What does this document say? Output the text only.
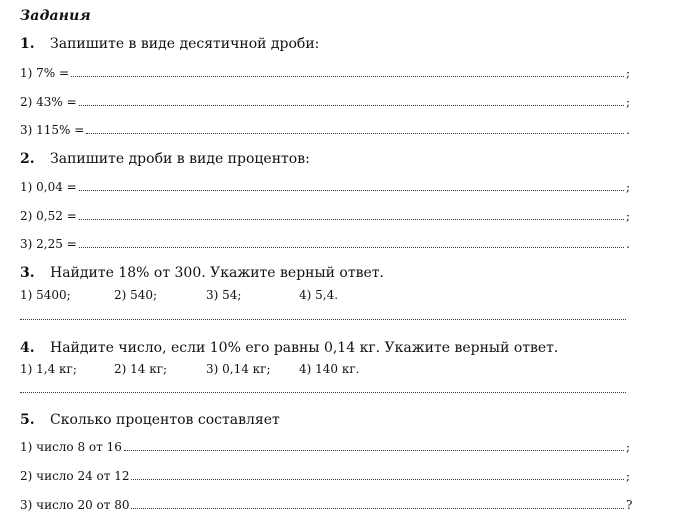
Задания
1. Запишите в виде десятичной дроби:
1) 7% =	;
2) 43% =	;
3) 115% =	.
2. Запишите дроби в виде процентов:
1) 0,04 =	;
2) 0,52 =	;
3) 2,25 =	.
3. Найдите 18% от 300. Укажите верный ответ.
1) 5400;	2) 540;	3) 54;	4) 5,4.
4. Найдите число, если 10% его равны 0,14 кг. Укажите верный ответ.
1) 1,4 кг;	2) 14 кг;	3) 0,14 кг; 4) 140 кг.
5. Сколько процентов составляет
1) число 8 от 16	;
2) число 24 от 12	;
3) число 20 от 80	?
